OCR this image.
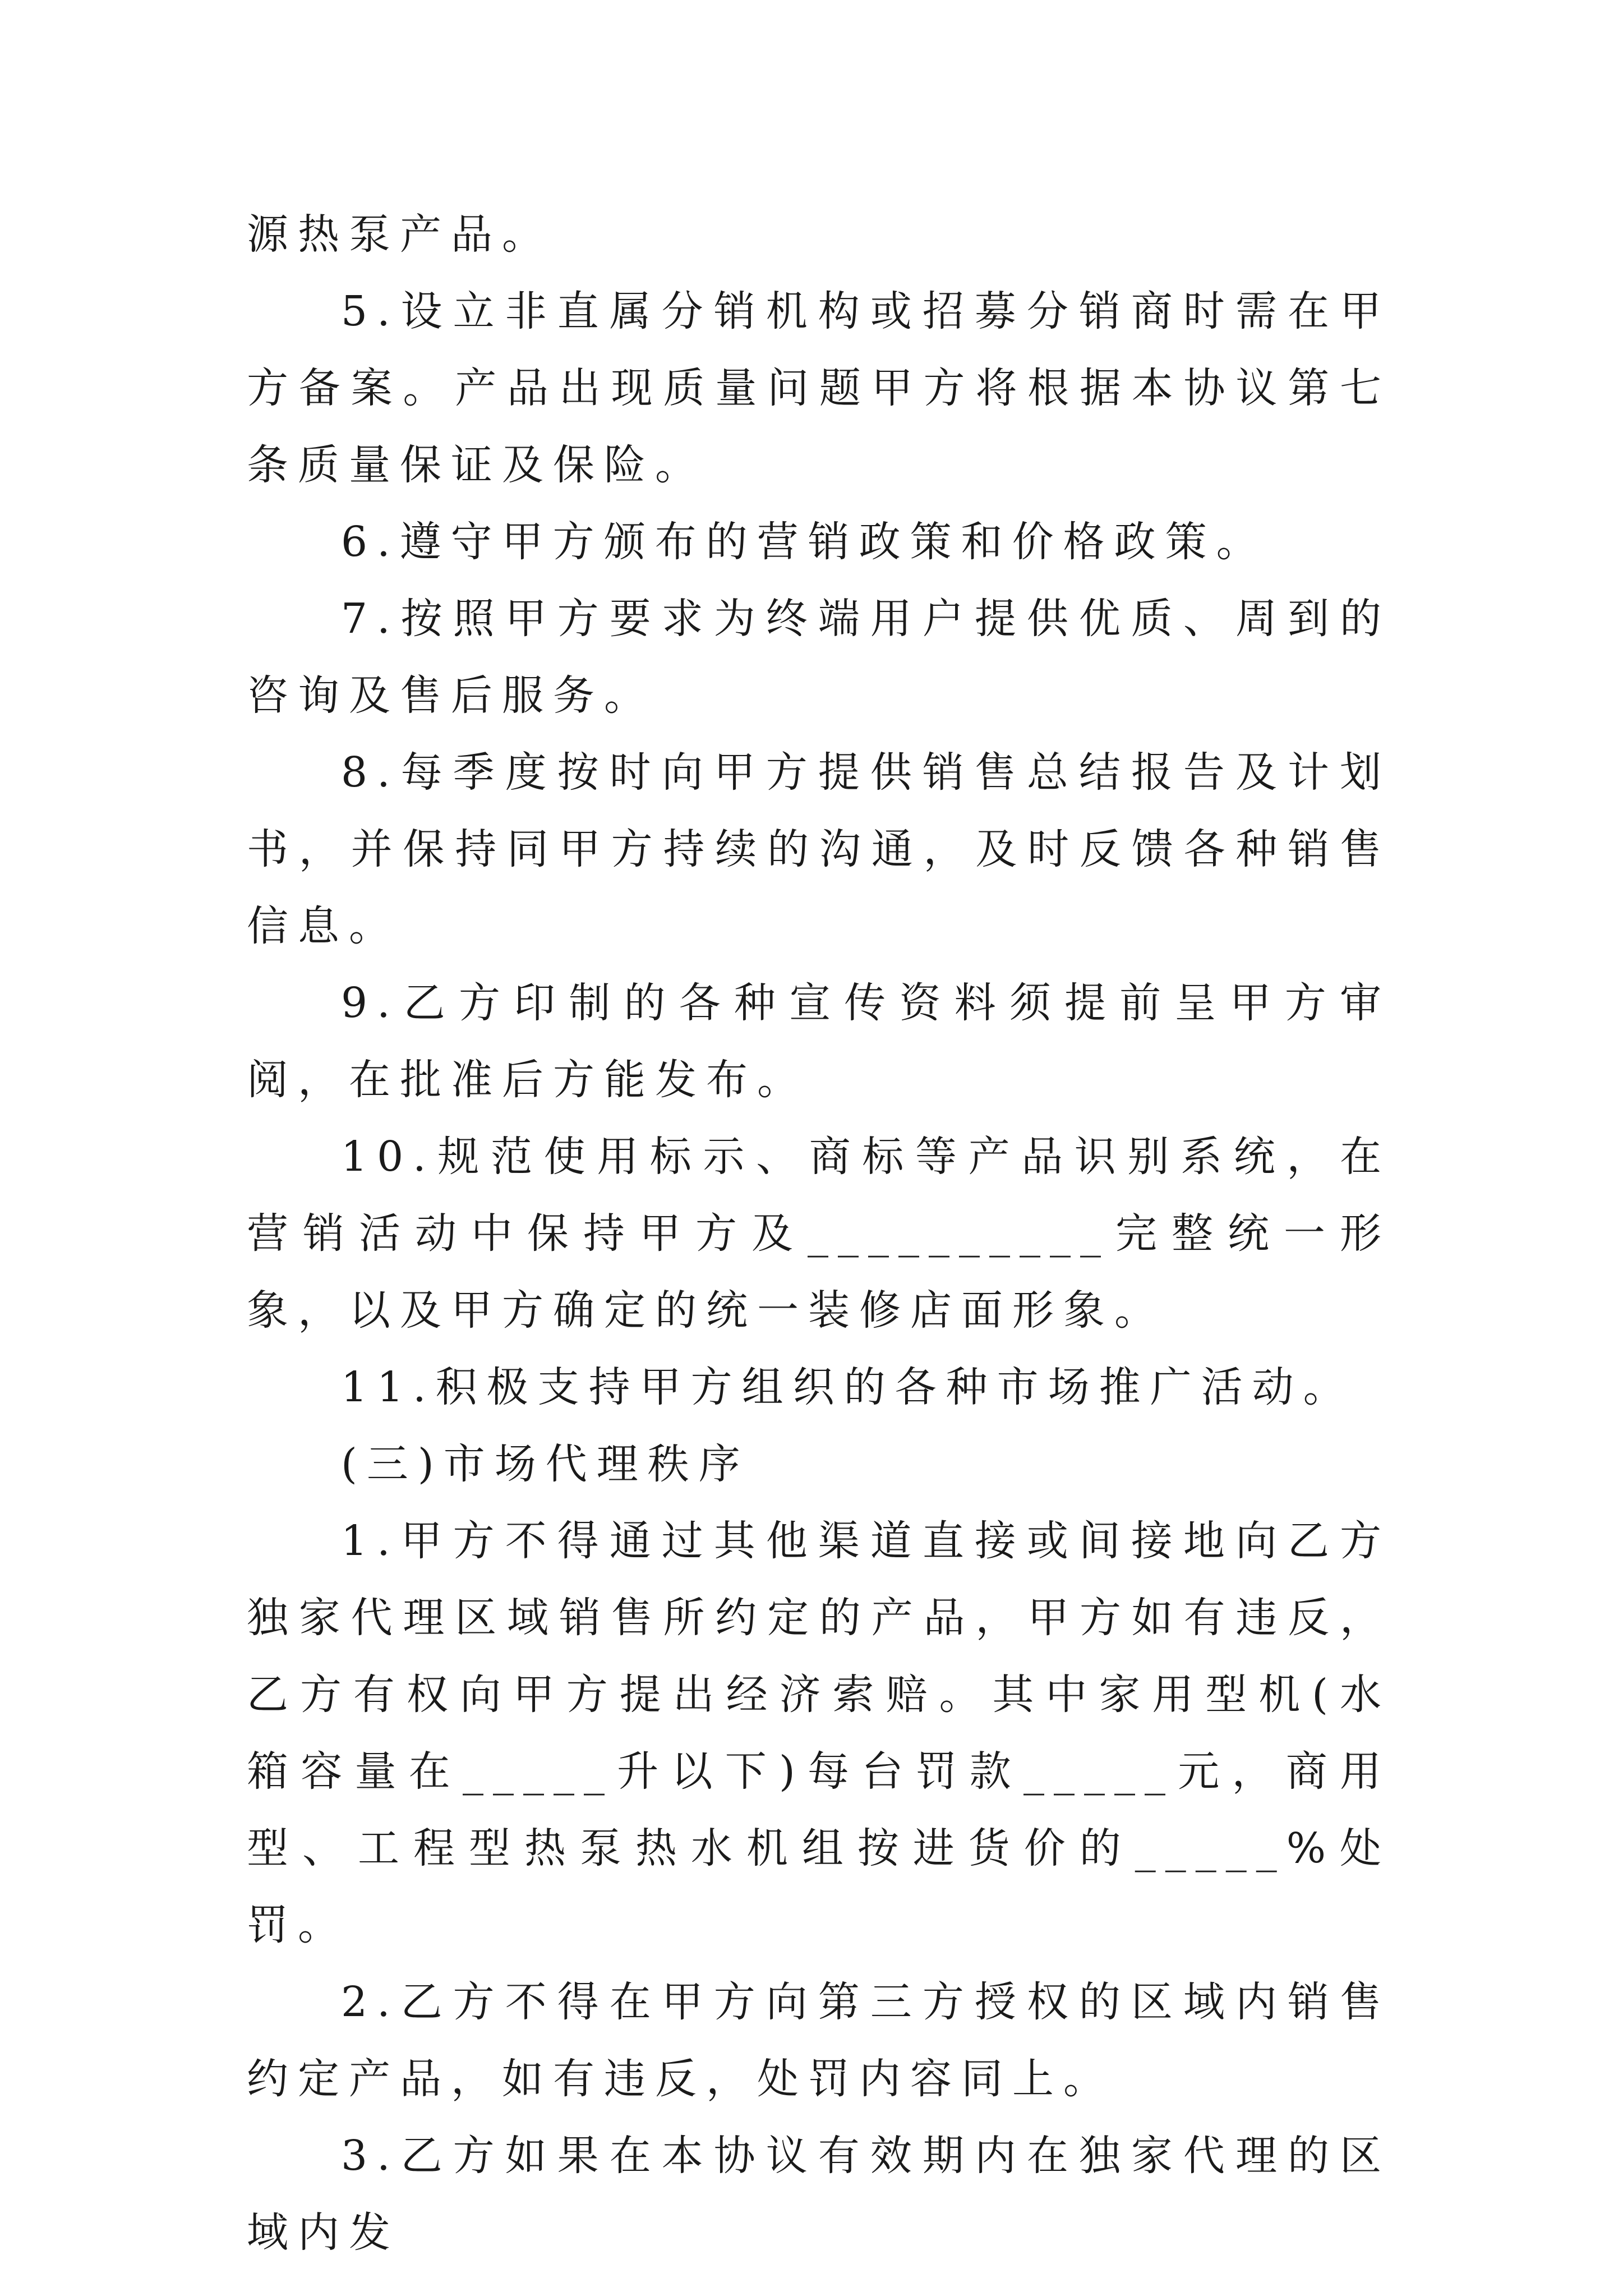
源热泵产品。

5.设立非直属分销机构或招募分销商时需在甲方备案。产品出现质量问题甲方将根据本协议第七条质量保证及保险。

6.遵守甲方颁布的营销政策和价格政策。

7.按照甲方要求为终端用户提供优质、周到的咨询及售后服务。

8.每季度按时向甲方提供销售总结报告及计划书，并保持同甲方持续的沟通，及时反馈各种销售信息。

9.乙方印制的各种宣传资料须提前呈甲方审阅，在批准后方能发布。

10.规范使用标示、商标等产品识别系统，在营销活动中保持甲方及__________完整统一形象，以及甲方确定的统一装修店面形象。

11.积极支持甲方组织的各种市场推广活动。

(三)市场代理秩序

1.甲方不得通过其他渠道直接或间接地向乙方独家代理区域销售所约定的产品，甲方如有违反，乙方有权向甲方提出经济索赔。其中家用型机(水箱容量在_____升以下)每台罚款_____元，商用型、工程型热泵热水机组按进货价的_____%处罚。

2.乙方不得在甲方向第三方授权的区域内销售约定产品，如有违反，处罚内容同上。

3.乙方如果在本协议有效期内在独家代理的区域内发
